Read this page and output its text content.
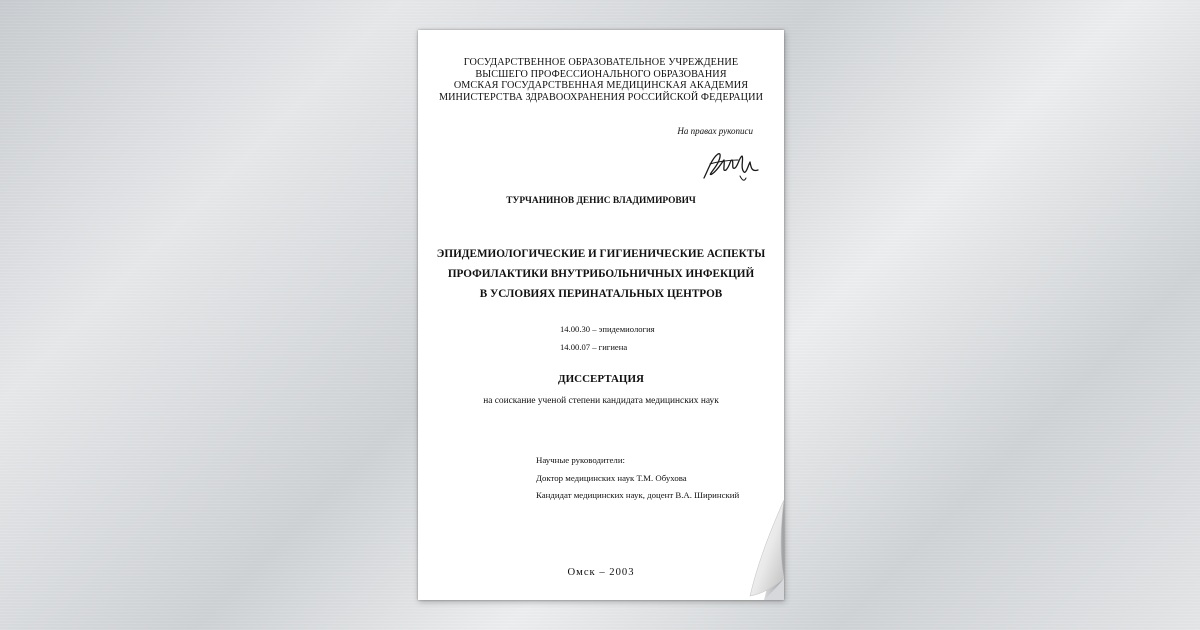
ГОСУДАРСТВЕННОЕ ОБРАЗОВАТЕЛЬНОЕ УЧРЕЖДЕНИЕ
ВЫСШЕГО ПРОФЕССИОНАЛЬНОГО ОБРАЗОВАНИЯ
ОМСКАЯ ГОСУДАРСТВЕННАЯ МЕДИЦИНСКАЯ АКАДЕМИЯ
МИНИСТЕРСТВА ЗДРАВООХРАНЕНИЯ РОССИЙСКОЙ ФЕДЕРАЦИИ
На правах рукописи
ТУРЧАНИНОВ ДЕНИС ВЛАДИМИРОВИЧ
ЭПИДЕМИОЛОГИЧЕСКИЕ И ГИГИЕНИЧЕСКИЕ АСПЕКТЫ
ПРОФИЛАКТИКИ ВНУТРИБОЛЬНИЧНЫХ ИНФЕКЦИЙ
В УСЛОВИЯХ ПЕРИНАТАЛЬНЫХ ЦЕНТРОВ
14.00.30 – эпидемиология
14.00.07 – гигиена
ДИССЕРТАЦИЯ
на соискание ученой степени кандидата медицинских наук
Научные руководители:
Доктор медицинских наук Т.М. Обухова
Кандидат медицинских наук, доцент В.А. Ширинский
Омск – 2003
